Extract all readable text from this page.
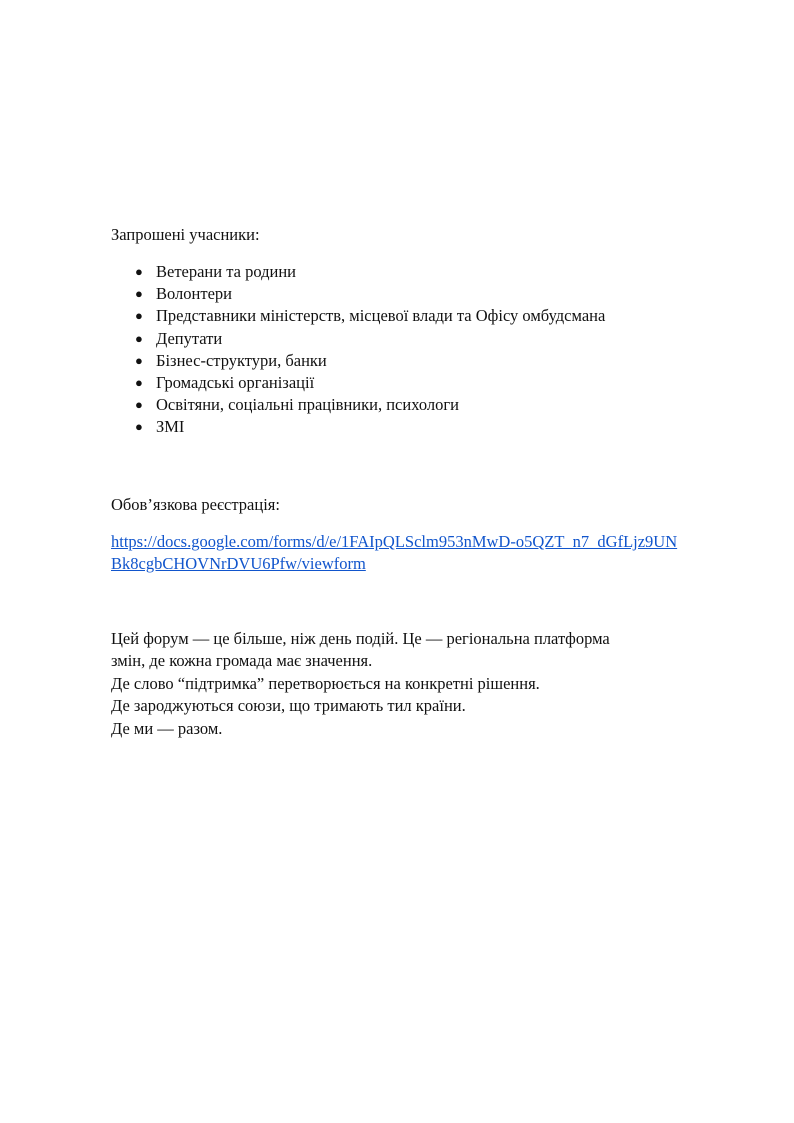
Запрошені учасники:

● Ветерани та родини
● Волонтери
● Представники міністерств, місцевої влади та Офісу омбудсмана
● Депутати
● Бізнес-структури, банки
● Громадські організації
● Освітяни, соціальні працівники, психологи
● ЗМІ

Обов’язкова реєстрація:

https://docs.google.com/forms/d/e/1FAIpQLSclm953nMwD-o5QZT_n7_dGfLjz9UNBk8cgbCHOVNrDVU6Pfw/viewform

Цей форум — це більше, ніж день подій. Це — регіональна платформа

змін, де кожна громада має значення.

Де слово “підтримка” перетворюється на конкретні рішення.

Де зароджуються союзи, що тримають тил країни.

Де ми — разом.
